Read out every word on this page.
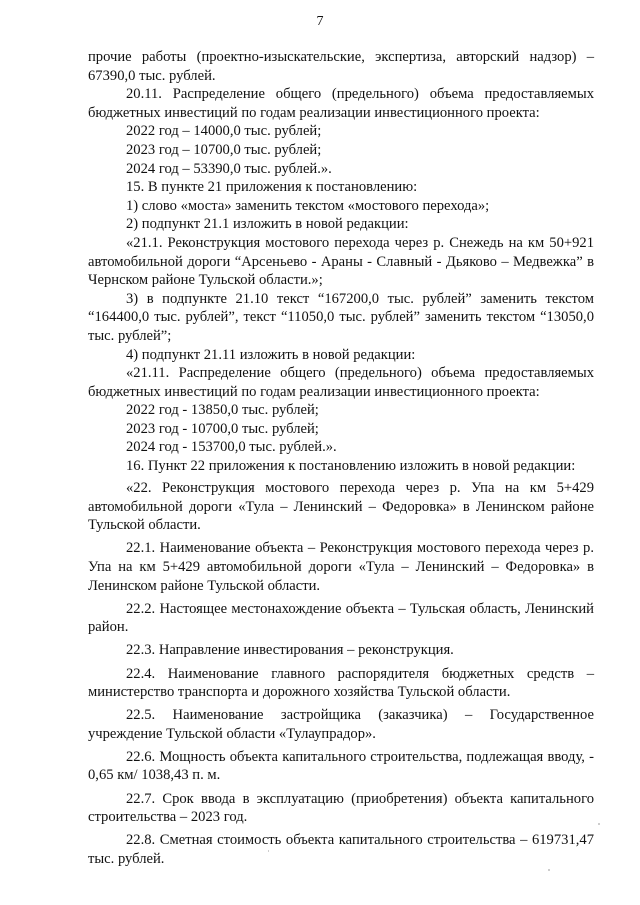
7

прочие работы (проектно-изыскательские, экспертиза, авторский надзор) – 67390,0 тыс. рублей.

20.11. Распределение общего (предельного) объема предоставляемых бюджетных инвестиций по годам реализации инвестиционного проекта:

2022 год – 14000,0 тыс. рублей;

2023 год – 10700,0 тыс. рублей;

2024 год – 53390,0 тыс. рублей.».

15. В пункте 21 приложения к постановлению:

1) слово «моста» заменить текстом «мостового перехода»;

2) подпункт 21.1 изложить в новой редакции:

«21.1. Реконструкция мостового перехода через р. Снежедь на км 50+921 автомобильной дороги “Арсеньево - Араны - Славный - Дьяково – Медвежка” в Чернском районе Тульской области.»;

3) в подпункте 21.10 текст “167200,0 тыс. рублей” заменить текстом “164400,0 тыс. рублей”, текст “11050,0 тыс. рублей” заменить текстом “13050,0 тыс. рублей”;

4) подпункт 21.11 изложить в новой редакции:

«21.11. Распределение общего (предельного) объема предоставляемых бюджетных инвестиций по годам реализации инвестиционного проекта:

2022 год - 13850,0 тыс. рублей;

2023 год - 10700,0 тыс. рублей;

2024 год - 153700,0 тыс. рублей.».

16. Пункт 22 приложения к постановлению изложить в новой редакции:

«22. Реконструкция мостового перехода через р. Упа на км 5+429 автомобильной дороги «Тула – Ленинский – Федоровка» в Ленинском районе Тульской области.

22.1. Наименование объекта – Реконструкция мостового перехода через р. Упа на км 5+429 автомобильной дороги «Тула – Ленинский – Федоровка» в Ленинском районе Тульской области.

22.2. Настоящее местонахождение объекта – Тульская область, Ленинский район.

22.3. Направление инвестирования – реконструкция.

22.4. Наименование главного распорядителя бюджетных средств – министерство транспорта и дорожного хозяйства Тульской области.

22.5. Наименование застройщика (заказчика) – Государственное учреждение Тульской области «Тулаупрадор».

22.6. Мощность объекта капитального строительства, подлежащая вводу, - 0,65 км/ 1038,43 п. м.

22.7. Срок ввода в эксплуатацию (приобретения) объекта капитального строительства – 2023 год.

22.8. Сметная стоимость объекта капитального строительства – 619731,47 тыс. рублей.
